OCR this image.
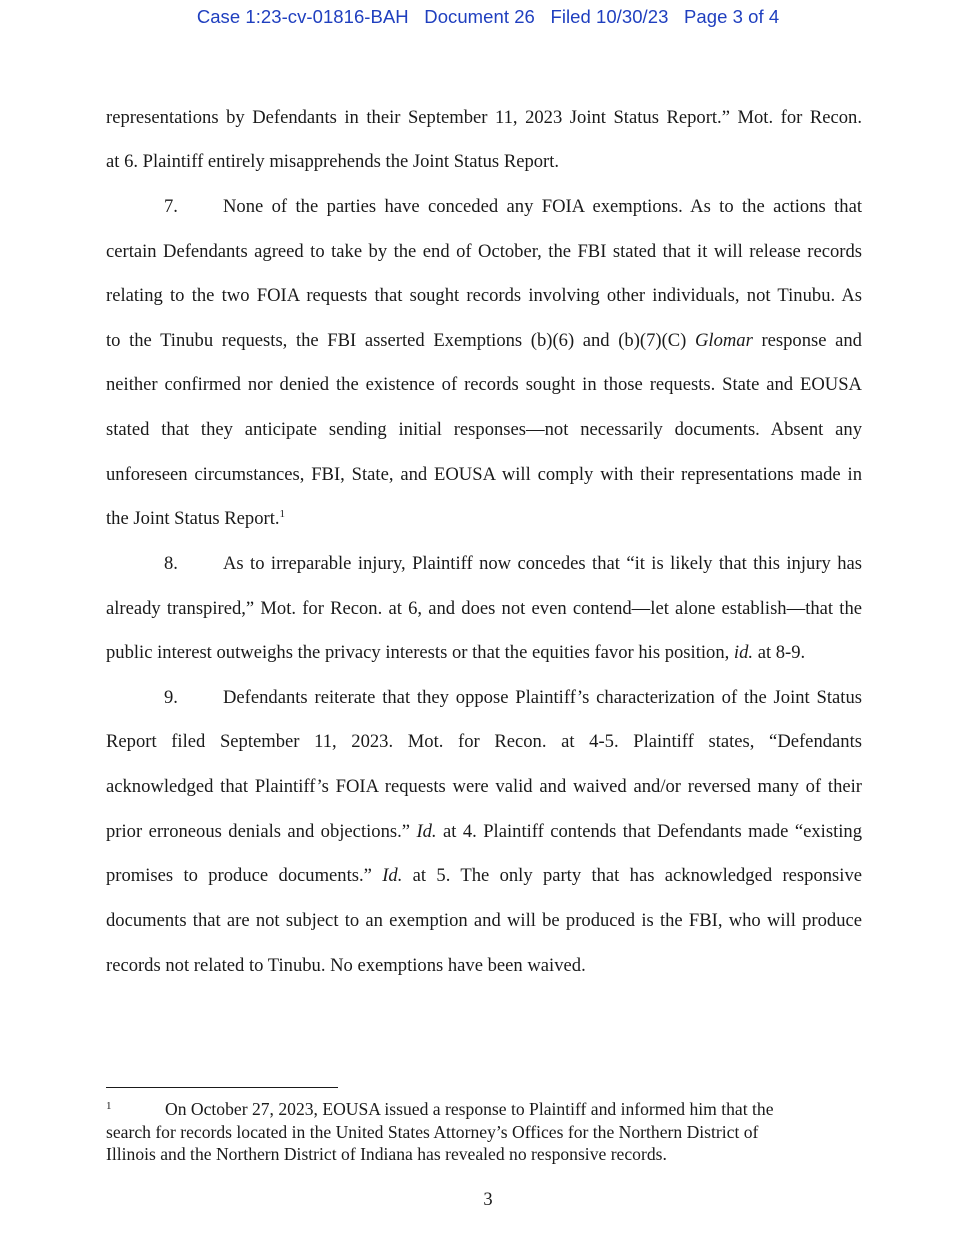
Case 1:23-cv-01816-BAH Document 26 Filed 10/30/23 Page 3 of 4
representations by Defendants in their September 11, 2023 Joint Status Report.” Mot. for Recon.
at 6. Plaintiff entirely misapprehends the Joint Status Report.
7. None of the parties have conceded any FOIA exemptions. As to the actions that
certain Defendants agreed to take by the end of October, the FBI stated that it will release records
relating to the two FOIA requests that sought records involving other individuals, not Tinubu. As
to the Tinubu requests, the FBI asserted Exemptions (b)(6) and (b)(7)(C) Glomar response and
neither confirmed nor denied the existence of records sought in those requests. State and EOUSA
stated that they anticipate sending initial responses—not necessarily documents. Absent any
unforeseen circumstances, FBI, State, and EOUSA will comply with their representations made in
the Joint Status Report.$^1$
8. As to irreparable injury, Plaintiff now concedes that “it is likely that this injury has
already transpired,” Mot. for Recon. at 6, and does not even contend—let alone establish—that the
public interest outweighs the privacy interests or that the equities favor his position, id. at 8-9.
9. Defendants reiterate that they oppose Plaintiff’s characterization of the Joint Status
Report filed September 11, 2023. Mot. for Recon. at 4-5. Plaintiff states, “Defendants
acknowledged that Plaintiff’s FOIA requests were valid and waived and/or reversed many of their
prior erroneous denials and objections.” Id. at 4. Plaintiff contends that Defendants made “existing
promises to produce documents.” Id. at 5. The only party that has acknowledged responsive
documents that are not subject to an exemption and will be produced is the FBI, who will produce
records not related to Tinubu. No exemptions have been waived.
1	On October 27, 2023, EOUSA issued a response to Plaintiff and informed him that the
search for records located in the United States Attorney’s Offices for the Northern District of
Illinois and the Northern District of Indiana has revealed no responsive records.
3
